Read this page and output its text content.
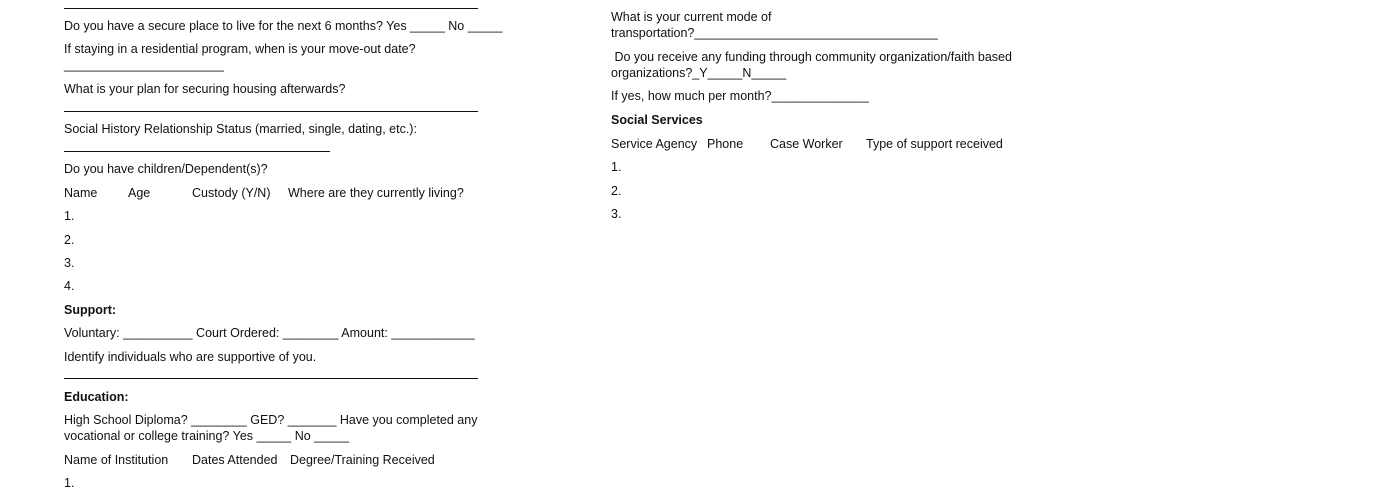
Do you have a secure place to live for the next 6 months? Yes _____ No _____
If staying in a residential program, when is your move-out date?
_______________________
What is your plan for securing housing afterwards?
Social History Relationship Status (married, single, dating, etc.):
Do you have children/Dependent(s)?
Name Age	Custody (Y/N) Where are they currently living?
1.
2.
3.
4.
Support:
Voluntary: __________ Court Ordered: ________ Amount: ____________
Identify individuals who are supportive of you.
Education:
High School Diploma? ________ GED? _______ Have you completed any
vocational or college training? Yes _____ No _____
Name of Institution Dates Attended Degree/Training Received
1.
What is your current mode of
transportation?___________________________________
Do you receive any funding through community organization/faith based
organizations?_Y_____N_____
If yes, how much per month?______________
Social Services
Service Agency Phone Case Worker Type of support received
1.
2.
3.
